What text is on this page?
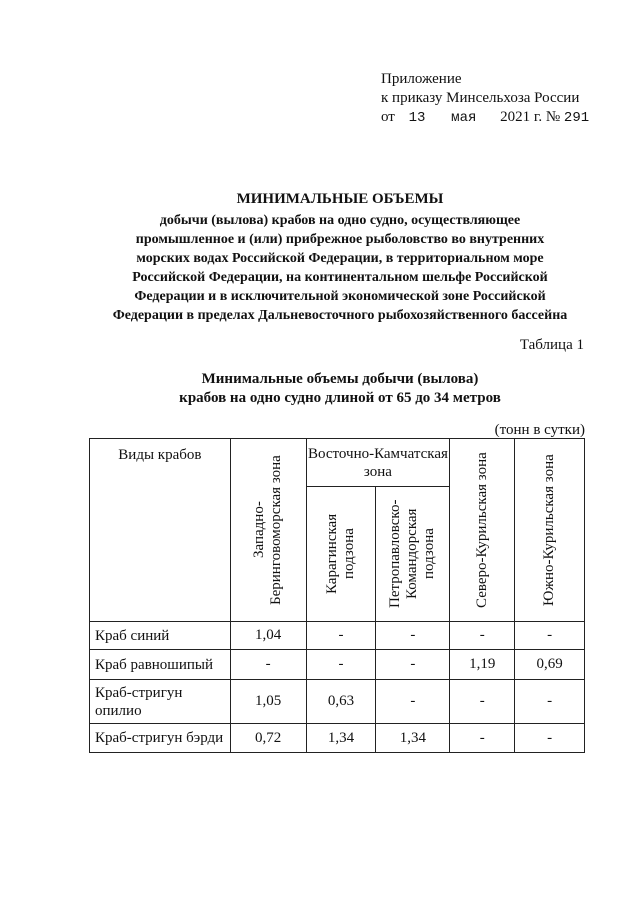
Приложение
к приказу Минсельхоза России
от 13 мая 2021 г. № 291
МИНИМАЛЬНЫЕ ОБЪЕМЫ
добычи (вылова) крабов на одно судно, осуществляющее
промышленное и (или) прибрежное рыболовство во внутренних
морских водах Российской Федерации, в территориальном море
Российской Федерации, на континентальном шельфе Российской
Федерации и в исключительной экономической зоне Российской
Федерации в пределах Дальневосточного рыбохозяйственного бассейна
Таблица 1
Минимальные объемы добычи (вылова)
крабов на одно судно длиной от 65 до 34 метров
(тонн в сутки)
Виды крабов	Западно-Беринговоморская зона	Восточно-Камчатская зона		Северо-Курильская зона	Южно-Курильская зона

		Карагинская подзона	Петропавловско-Командорская подзона		

Краб синий	1,04	-	-	-	-
Краб равношипый	-	-	-	1,19	0,69
Краб-стригун опилио	1,05	0,63	-	-	-
Краб-стригун бэрди	0,72	1,34	1,34	-	-
